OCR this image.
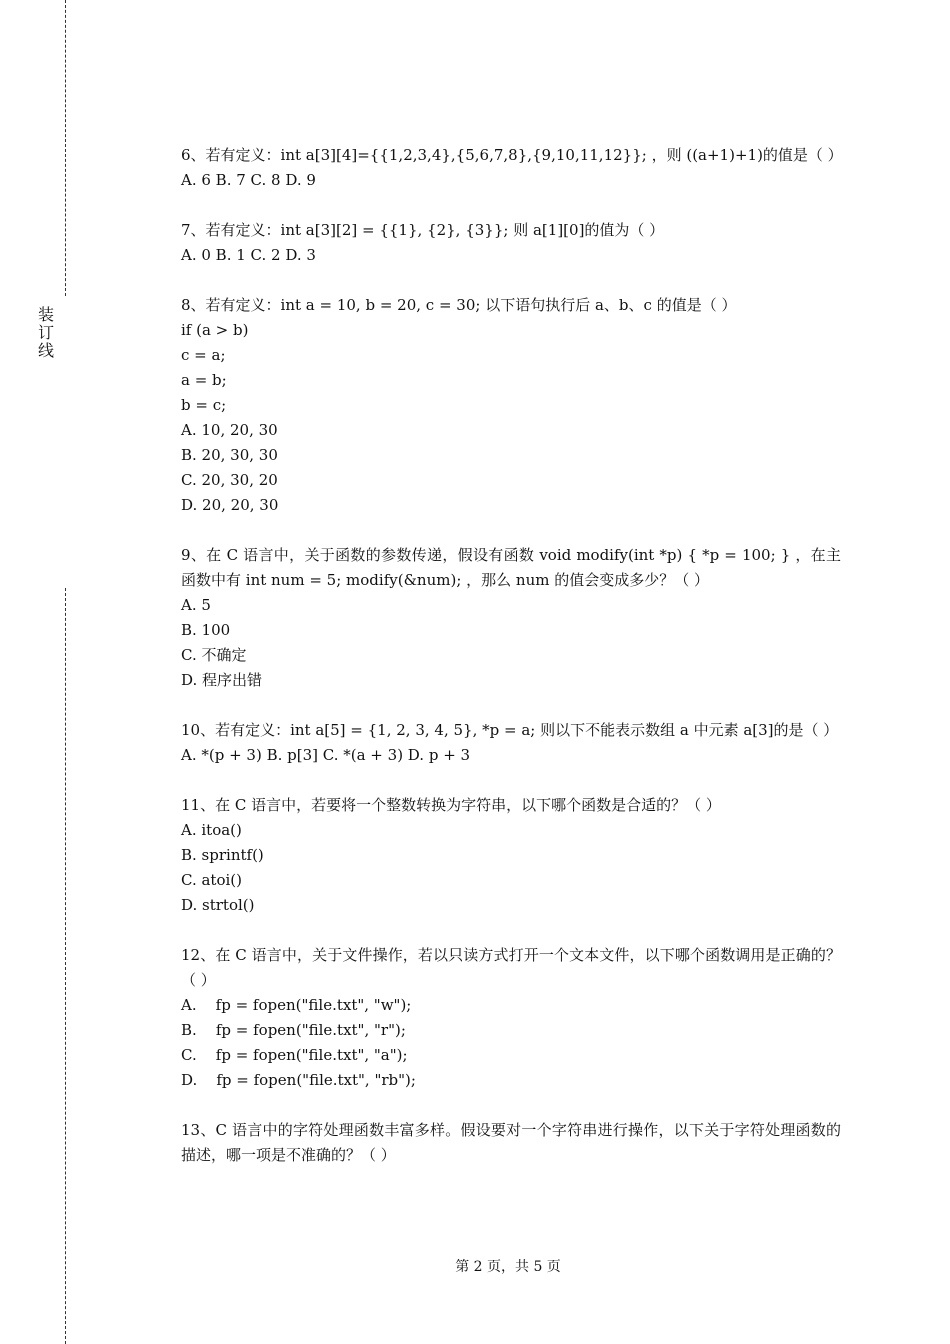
装
订
线
6、若有定义：int a[3][4]={{1,2,3,4},{5,6,7,8},{9,10,11,12}}; ，则 ((a+1)+1)的值是（ ）
A. 6 B. 7 C. 8 D. 9
7、若有定义：int a[3][2] = {{1}, {2}, {3}}; 则 a[1][0]的值为（ ）
A. 0 B. 1 C. 2 D. 3
8、若有定义：int a = 10, b = 20, c = 30; 以下语句执行后 a、b、c 的值是（ ）
if (a > b)
c = a;
a = b;
b = c;
A. 10, 20, 30
B. 20, 30, 30
C. 20, 30, 20
D. 20, 20, 30
9、在 C 语言中，关于函数的参数传递，假设有函数 void modify(int *p) { *p = 100; } ，在主函数中有 int num = 5; modify(&num); ，那么 num 的值会变成多少？（ ）
A. 5
B. 100
C. 不确定
D. 程序出错
10、若有定义：int a[5] = {1, 2, 3, 4, 5}, *p = a; 则以下不能表示数组 a 中元素 a[3]的是（ ）
A. *(p + 3) B. p[3] C. *(a + 3) D. p + 3
11、在 C 语言中，若要将一个整数转换为字符串，以下哪个函数是合适的？（ ）
A. itoa()
B. sprintf()
C. atoi()
D. strtol()
12、在 C 语言中，关于文件操作，若以只读方式打开一个文本文件，以下哪个函数调用是正确的？（ ）
A.    fp = fopen("file.txt", "w");
B.    fp = fopen("file.txt", "r");
C.    fp = fopen("file.txt", "a");
D.    fp = fopen("file.txt", "rb");
13、C 语言中的字符处理函数丰富多样。假设要对一个字符串进行操作，以下关于字符处理函数的描述，哪一项是不准确的？（ ）
第 2 页，共 5 页
